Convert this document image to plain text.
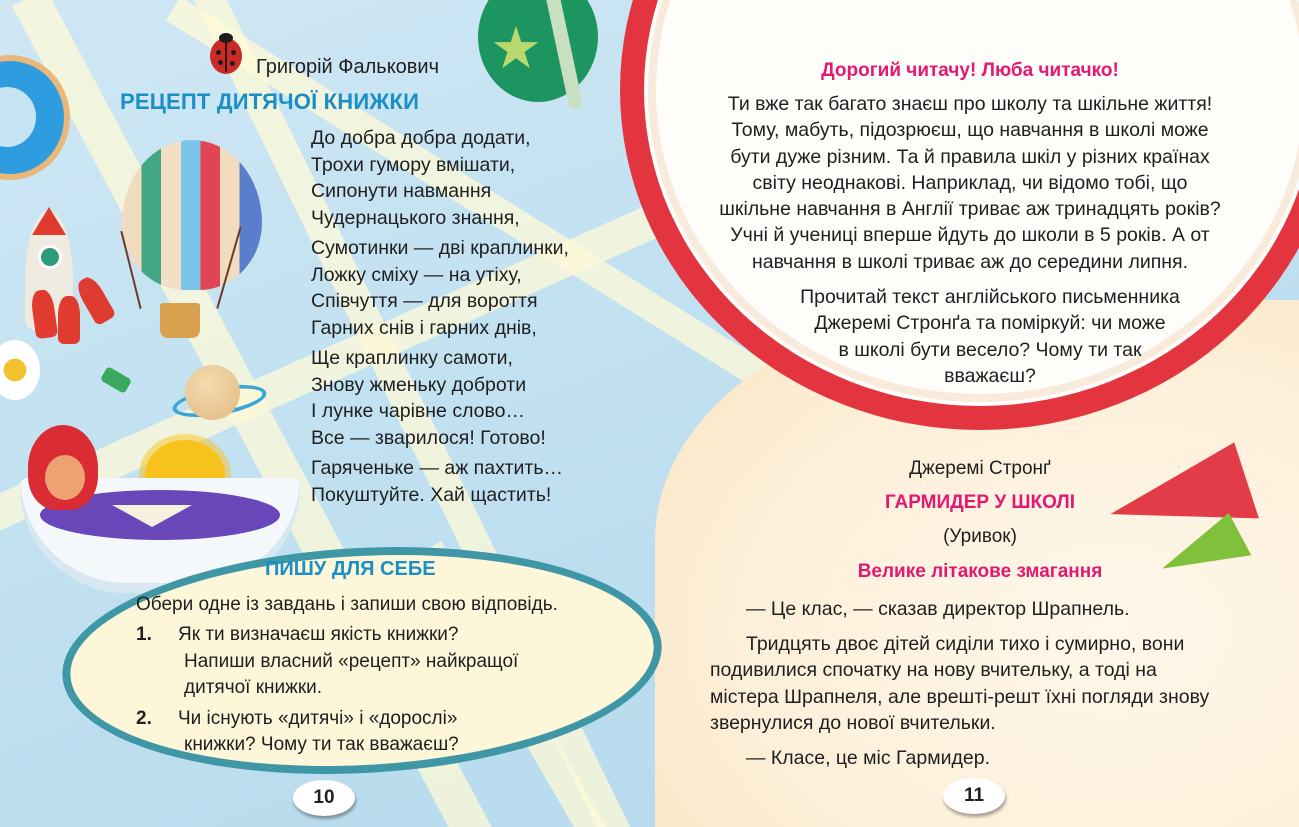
★
Григорій Фалькович
РЕЦЕПТ ДИТЯЧОЇ КНИЖКИ
До добра добра додати,
Трохи гумору вмішати,
Сипонути навмання
Чудернацького знання,
Сумотинки — дві краплинки,
Ложку сміху — на утіху,
Співчуття — для вороття
Гарних снів і гарних днів,
Ще краплинку самоти,
Знову жменьку доброти
І лунке чарівне слово…
Все — зварилося! Готово!
Гаряченьке — аж пахтить…
Покуштуйте. Хай щастить!
ПИШУ ДЛЯ СЕБЕ
Обери одне із завдань і запиши свою відповідь.
1.	Як ти визначаєш якість книжки?
Напиши власний «рецепт» найкращої
дитячої книжки.
2.	Чи існують «дитячі» і «дорослі»
книжки? Чому ти так вважаєш?
10
Дорогий читачу! Люба читачко!
Ти вже так багато знаєш про школу та шкільне життя!
Тому, мабуть, підозрюєш, що навчання в школі може
бути дуже різним. Та й правила шкіл у різних країнах
світу неоднакові. Наприклад, чи відомо тобі, що
шкільне навчання в Англії триває аж тринадцять років?
Учні й учениці вперше йдуть до школи в 5 років. А от
навчання в школі триває аж до середини липня.
Прочитай текст англійського письменника
Джеремі Стронґа та поміркуй: чи може
в школі бути весело? Чому ти так
вважаєш?
Джеремі Стронґ
ГАРМИДЕР У ШКОЛІ
(Уривок)
Велике літакове змагання

— Це клас, — сказав директор Шрапнель.

Тридцять двоє дітей сиділи тихо і сумирно, вони
подивилися спочатку на нову вчительку, а тоді на
містера Шрапнеля, але врешті-решт їхні погляди знову
звернулися до нової вчительки.

— Класе, це міс Гармидер.

11
